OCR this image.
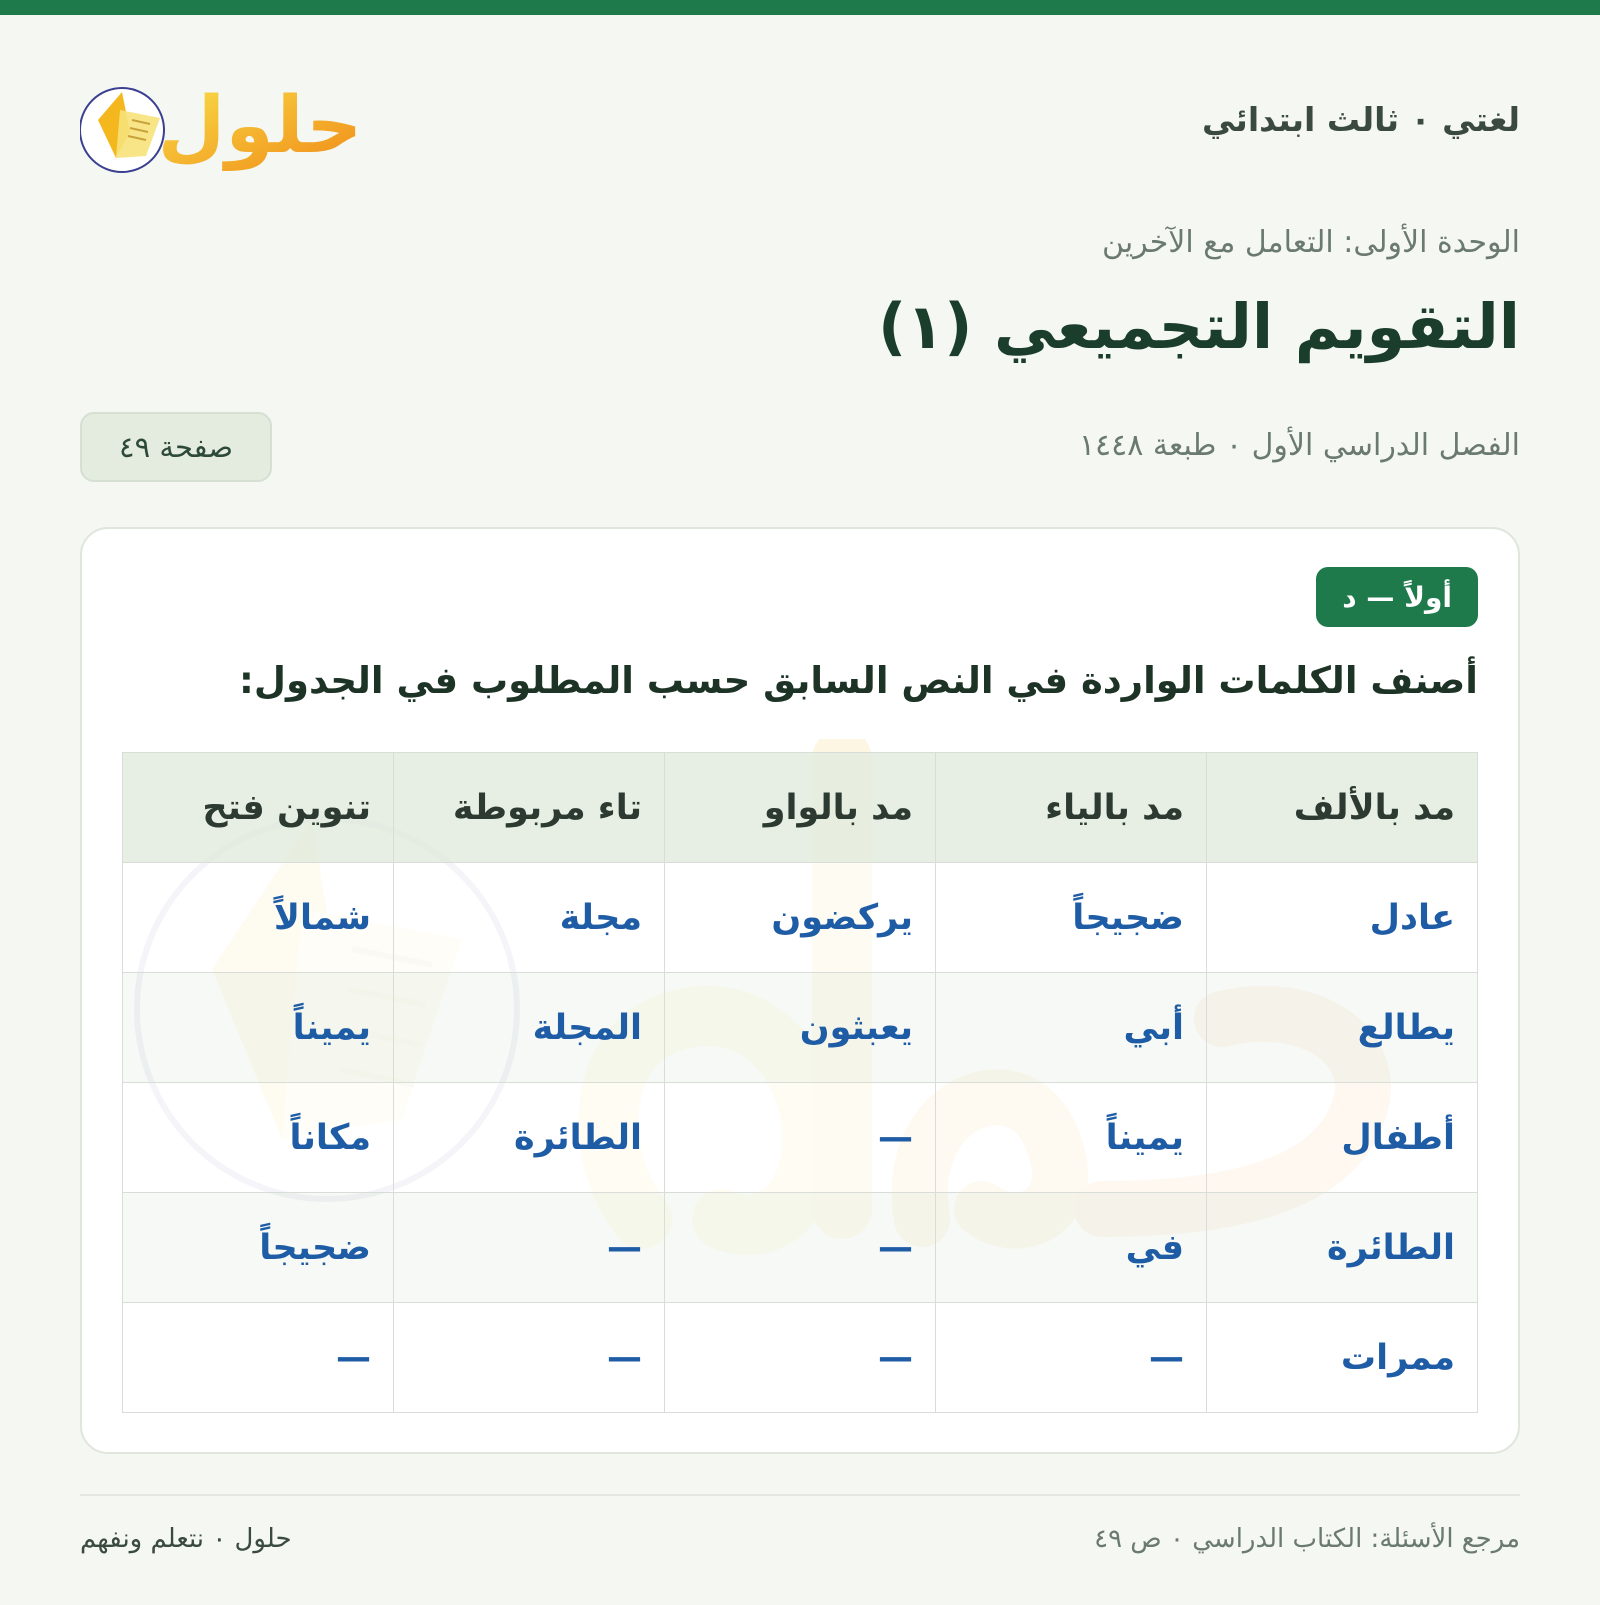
لغتي ٠ ثالث ابتدائي
حلول
الوحدة الأولى: التعامل مع الآخرين
التقويم التجميعي (١)
الفصل الدراسي الأول ٠ طبعة ١٤٤٨
صفحة ٤٩
أولاً — د
أصنف الكلمات الواردة في النص السابق حسب المطلوب في الجدول:
مد بالألف	مد بالياء	مد بالواو	تاء مربوطة	تنوين فتح
عادل	ضجيجاً	يركضون	مجلة	شمالاً
يطالع	أبي	يعبثون	المجلة	يميناً
أطفال	يميناً	—	الطائرة	مكاناً
الطائرة	في	—	—	ضجيجاً
ممرات	—	—	—	—
مرجع الأسئلة: الكتاب الدراسي ٠ ص ٤٩
حلول ٠ نتعلم ونفهم
